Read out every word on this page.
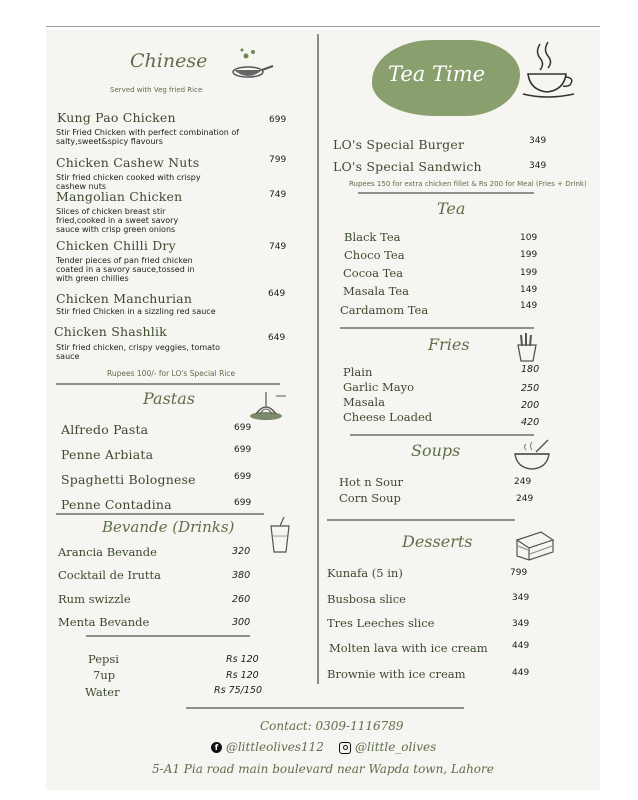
Chinese
Served with Veg fried Rice
Kung Pao Chicken	699
Stir Fried Chicken with perfect combination of salty,sweet&spicy flavours
Chicken Cashew Nuts	799
Stir fried chicken cooked with crispy cashew nuts
Mangolian Chicken	749
Slices of chicken breast stir fried,cooked in a sweet savory sauce with crisp green onions
Chicken Chilli Dry	749
Tender pieces of pan fried chicken coated in a savory sauce,tossed in with green chillies
Chicken Manchurian	649
Stir fried Chicken in a sizzling red sauce
Chicken Shashlik	649
Stir fried chicken, crispy veggies, tomato sauce
Rupees 100/- for LO's Special Rice
Pastas
Alfredo Pasta	699
Penne Arbiata	699
Spaghetti Bolognese	699
Penne Contadina	699
Bevande (Drinks)
Arancia Bevande	320
Cocktail de Irutta	380
Rum swizzle	260
Menta Bevande	300
Pepsi	Rs 120
7up	Rs 120
Water	Rs 75/150
Tea Time
LO's Special Burger	349
LO's Special Sandwich	349
Rupees 150 for extra chicken fillet & Rs 200 for Meal (Fries + Drink)
Tea
Black Tea	109
Choco Tea	199
Cocoa Tea	199
Masala Tea	149
Cardamom Tea	149
Fries
Plain	180
Garlic Mayo	250
Masala	200
Cheese Loaded	420
Soups
Hot n Sour	249
Corn Soup	249
Desserts
Kunafa (5 in)	799
Busbosa slice	349
Tres Leeches slice	349
Molten lava with ice cream	449
Brownie with ice cream	449
Contact: 0309-1116789
f @littleolives112	@little_olives
5-A1 Pia road main boulevard near Wapda town, Lahore
